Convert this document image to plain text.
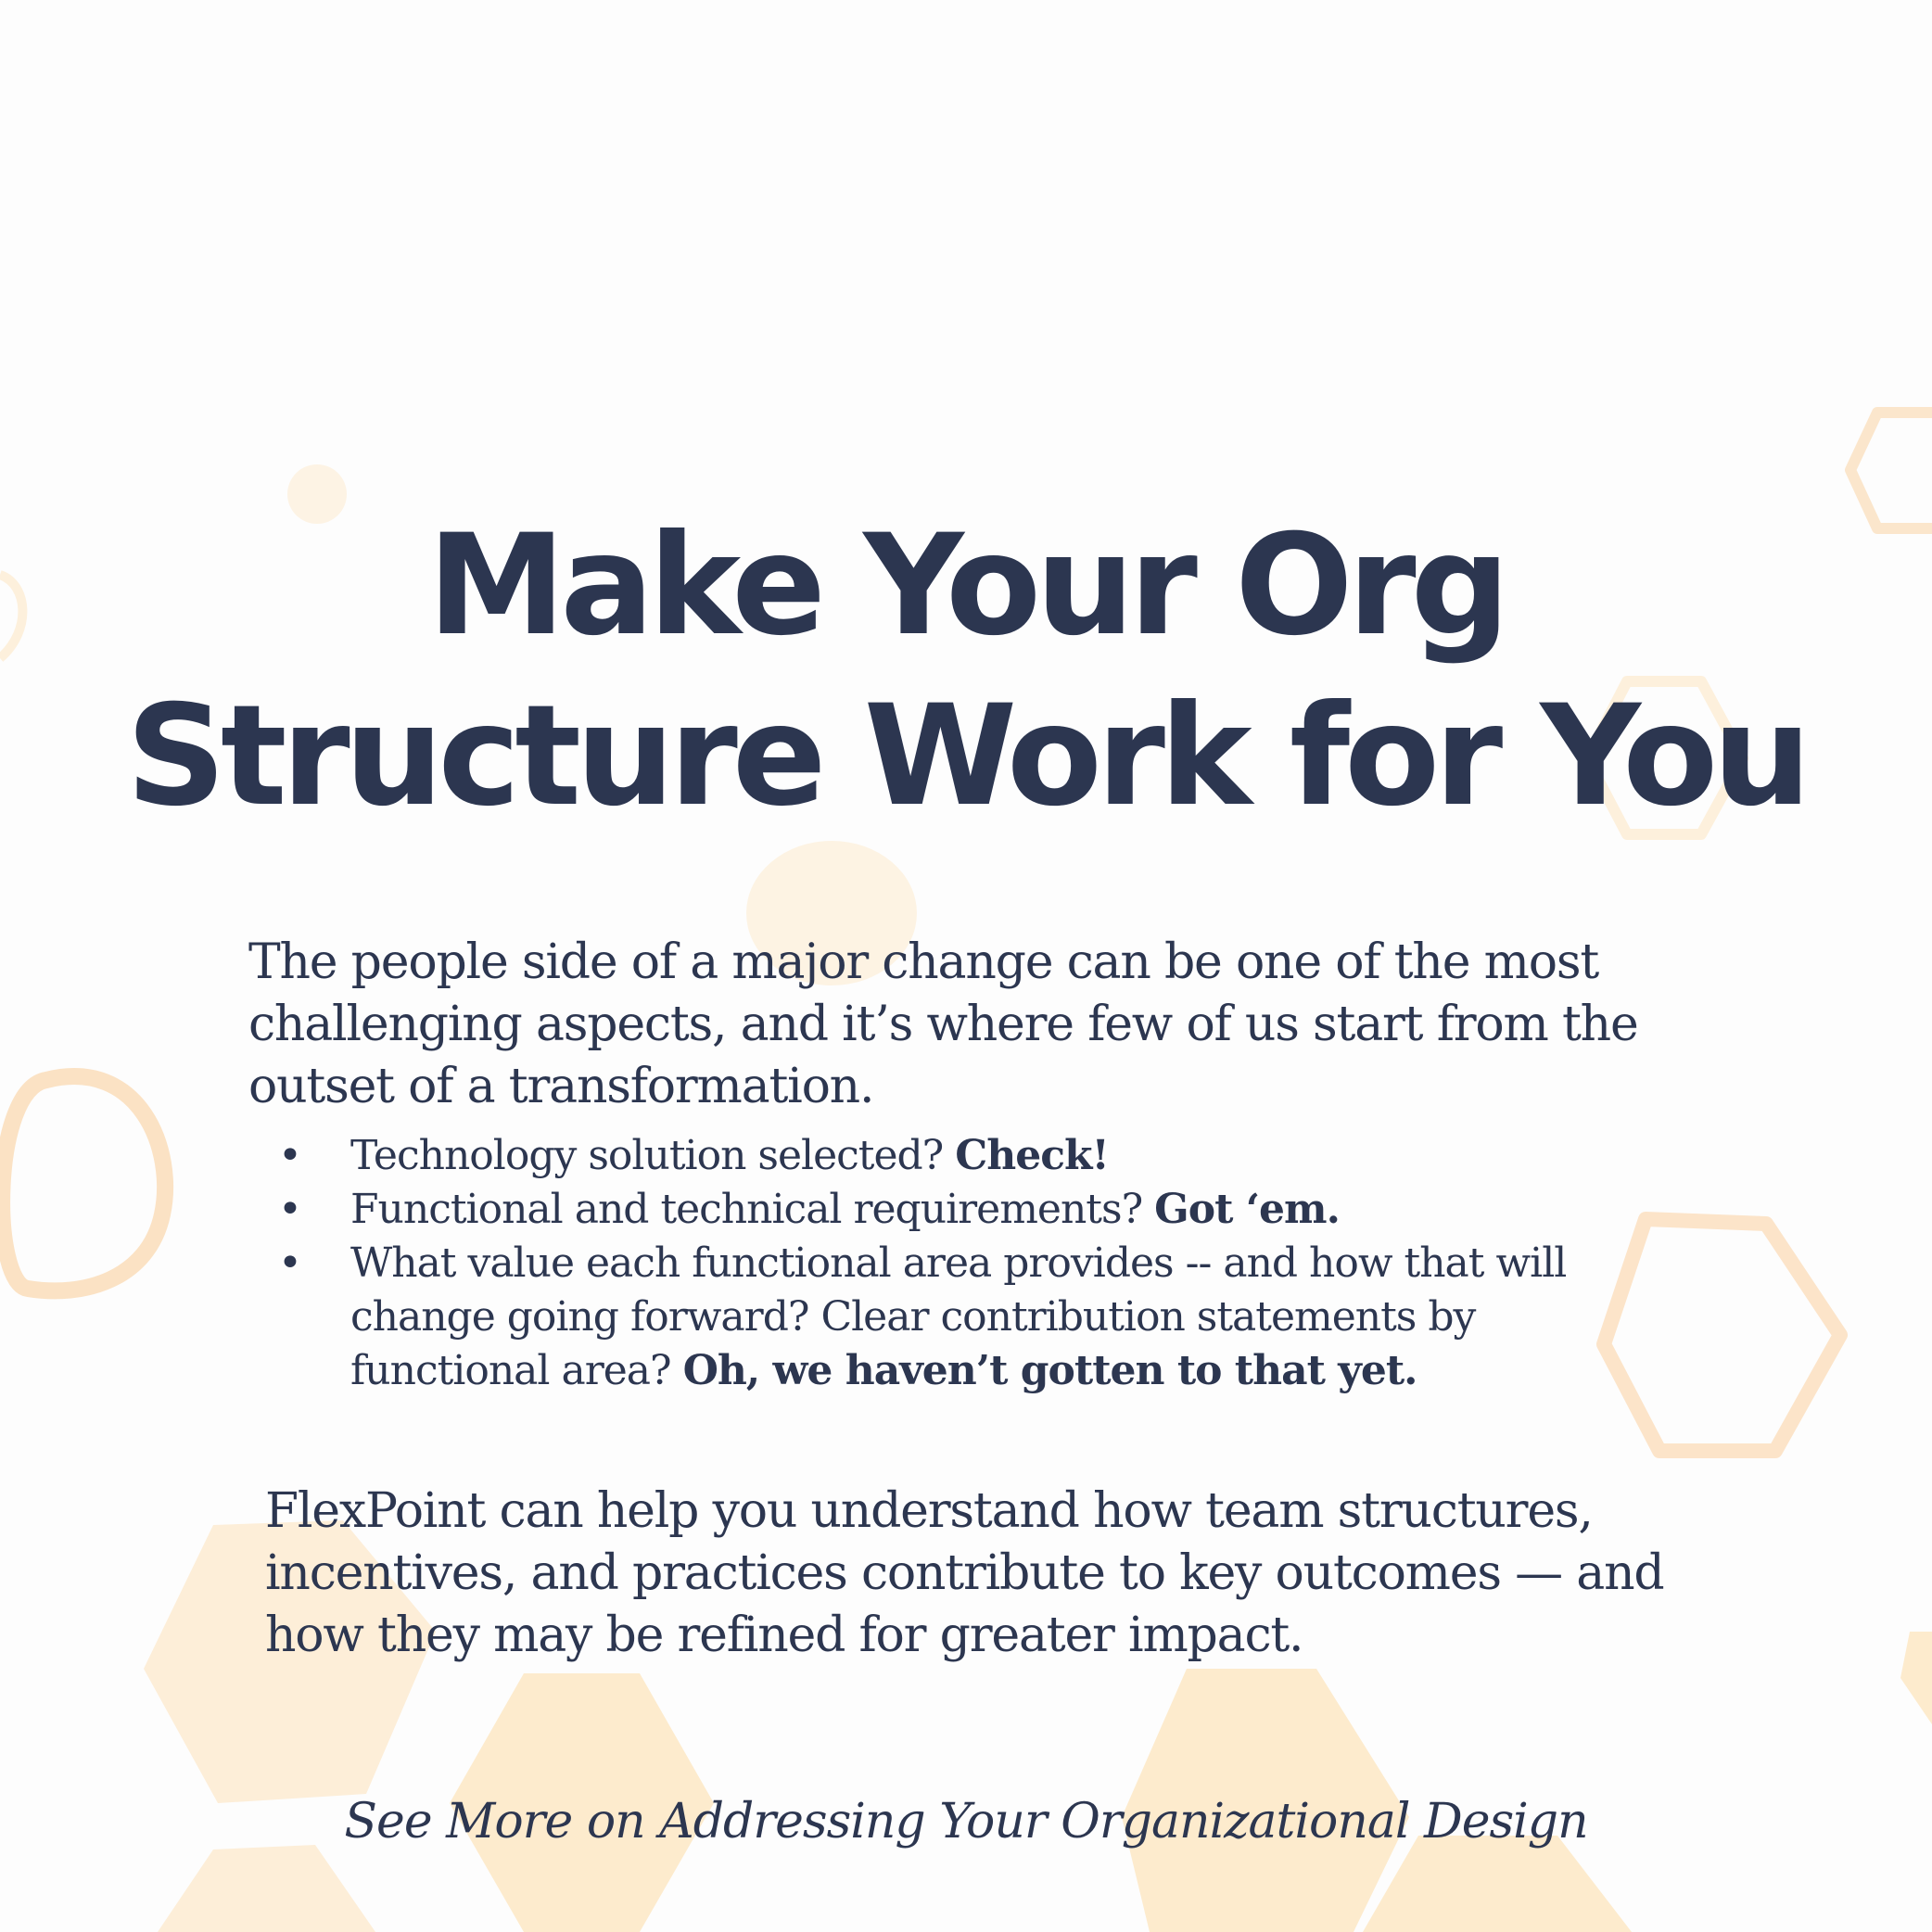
Make Your Org
Structure Work for You

The people side of a major change can be one of the most challenging aspects, and it’s where few of us start from the outset of a transformation.

• Technology solution selected? Check!
• Functional and technical requirements? Got ‘em.
• What value each functional area provides -- and how that will change going forward? Clear contribution statements by functional area? Oh, we haven’t gotten to that yet.

FlexPoint can help you understand how team structures, incentives, and practices contribute to key outcomes — and how they may be refined for greater impact.

See More on Addressing Your Organizational Design
